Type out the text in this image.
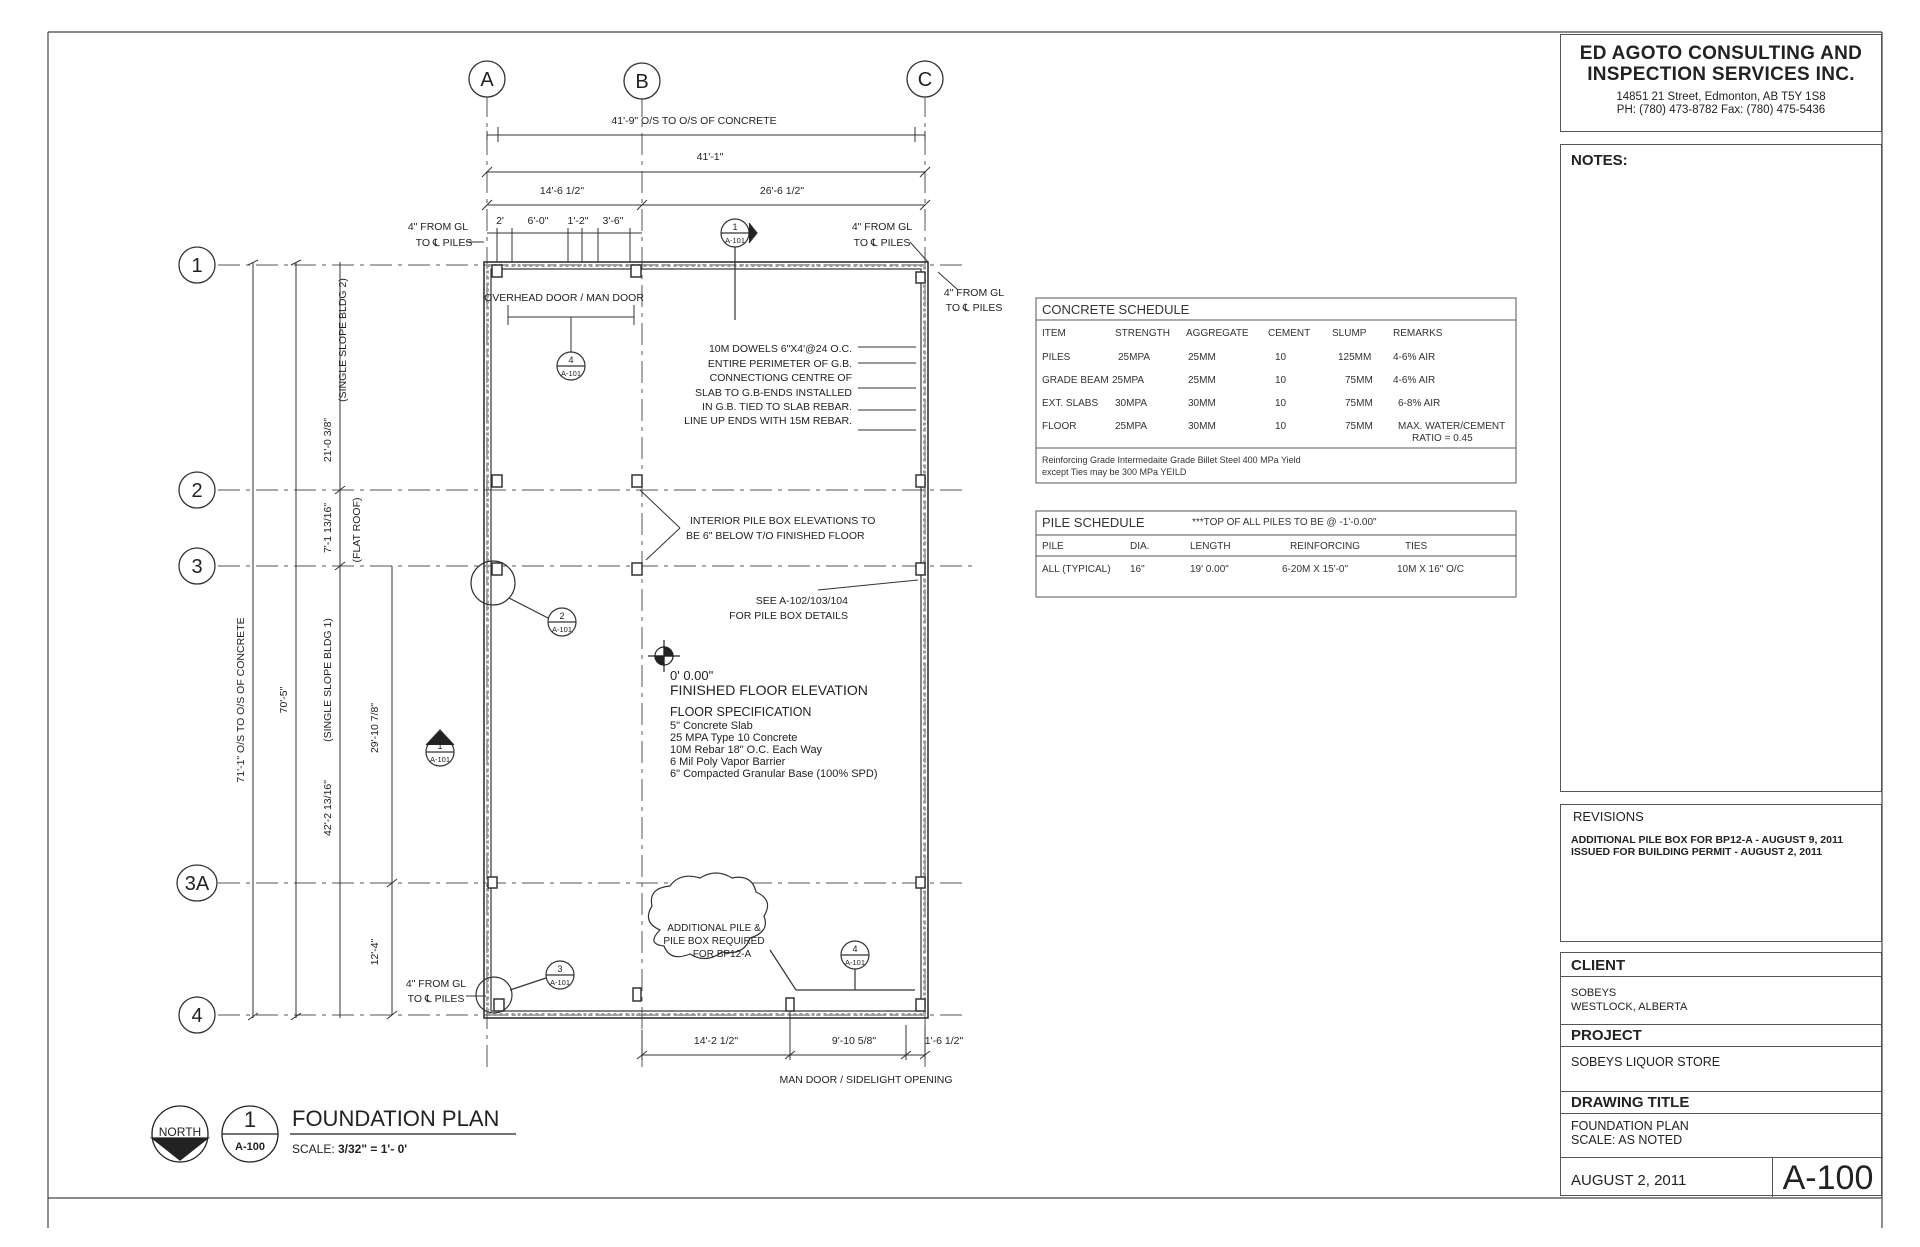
A	B	C
1
2
3
3A
4
41'-9" O/S TO O/S OF CONCRETE
41'-1"
14'-6 1/2"	26'-6 1/2"
2' 6'-0" 1'-2" 3'-6"
4" FROM GL
TO ℄ PILES
4" FROM GL
TO ℄ PILES
4" FROM GL
TO ℄ PILES
4" FROM GL
TO ℄ PILES
71'-1" O/S TO O/S OF CONCRETE	70'-5"
21'-0 3/8"
(SINGLE SLOPE BLDG 2)
7'-1 13/16" (FLAT ROOF)
42'-2 13/16"
(SINGLE SLOPE BLDG 1)	29'-10 7/8"
12'-4"
14'-2 1/2"	9'-10 5/8"	1'-6 1/2"
MAN DOOR / SIDELIGHT OPENING
OVERHEAD DOOR / MAN DOOR
4
A-101
1
A-101
2
A-101
1
A-101
3
A-101
4
A-101
10M DOWELS 6"X4'@24 O.C.
ENTIRE PERIMETER OF G.B.
CONNECTIONG CENTRE OF
SLAB TO G.B-ENDS INSTALLED
IN G.B. TIED TO SLAB REBAR.
LINE UP ENDS WITH 15M REBAR.
INTERIOR PILE BOX ELEVATIONS TO
BE 6" BELOW T/O FINISHED FLOOR
SEE A-102/103/104
FOR PILE BOX DETAILS
0' 0.00"
FINISHED FLOOR ELEVATION
FLOOR SPECIFICATION
5" Concrete Slab
25 MPA Type 10 Concrete
10M Rebar 18" O.C. Each Way
6 Mil Poly Vapor Barrier
6" Compacted Granular Base (100% SPD)
ADDITIONAL PILE &
PILE BOX REQUIRED
FOR BP12-A
CONCRETE SCHEDULE
ITEM	STRENGTH AGGREGATE CEMENT SLUMP	REMARKS
PILES	25MPA	25MM	10	125MM 4-6% AIR
GRADE BEAM 25MPA	25MM	10	75MM 4-6% AIR
EXT. SLABS 30MPA	30MM	10	75MM	6-8% AIR
FLOOR	25MPA	30MM	10	75MM	MAX. WATER/CEMENT
RATIO = 0.45
Reinforcing Grade Intermedaite Grade Billet Steel 400 MPa Yield
except Ties may be 300 MPa YEILD
PILE SCHEDULE	***TOP OF ALL PILES TO BE @ -1'-0.00"
PILE	DIA.	LENGTH	REINFORCING	TIES
ALL (TYPICAL) 16"	19' 0.00"	6-20M X 15'-0"	10M X 16" O/C
NORTH 1
A-100
FOUNDATION PLAN
SCALE: 3/32" = 1'- 0'
ED AGOTO CONSULTING AND
INSPECTION SERVICES INC.
14851 21 Street, Edmonton, AB T5Y 1S8
PH: (780) 473-8782 Fax: (780) 475-5436
NOTES:
REVISIONS
ADDITIONAL PILE BOX FOR BP12-A - AUGUST 9, 2011
ISSUED FOR BUILDING PERMIT - AUGUST 2, 2011
CLIENT
SOBEYS
WESTLOCK, ALBERTA
PROJECT
SOBEYS LIQUOR STORE
DRAWING TITLE
FOUNDATION PLAN
SCALE: AS NOTED
AUGUST 2, 2011	A-100
